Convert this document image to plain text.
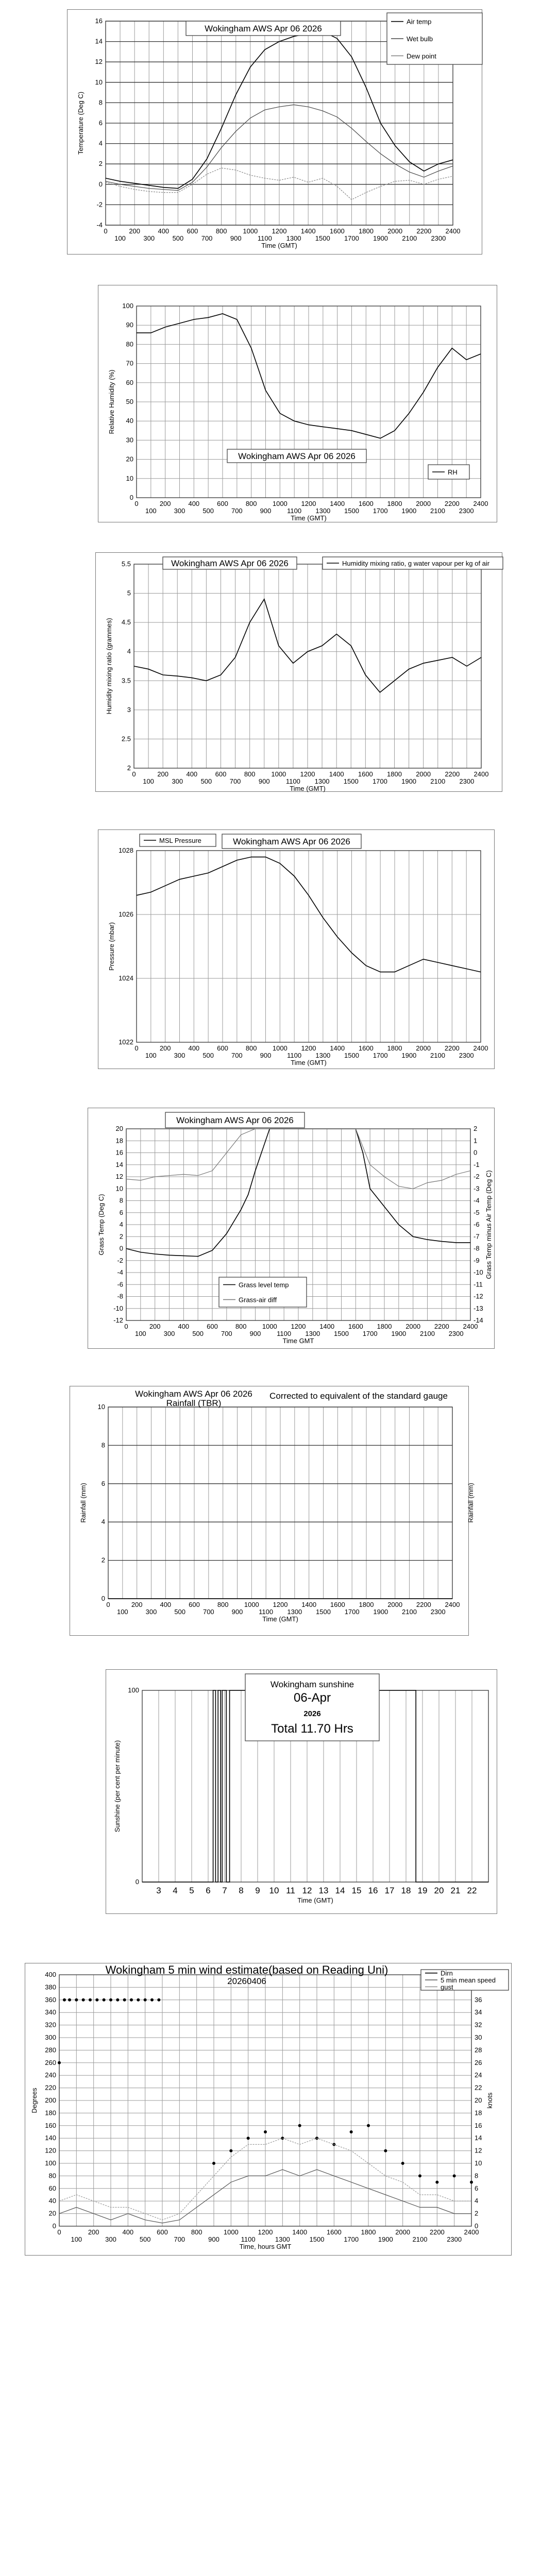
-4
-2
0
2
4
6
8
10
12
14
16
0	200	400	600	800 1000 1200 1400 1600 1800 2000 2200 2400
100	300	500	700	900 1100 1300 1500 1700 1900 2100 2300
Time (GMT)
Temperature (Deg C)
Wokingham AWS Apr 06 2026
Air temp
Wet bulb
Dew point
0
10
20
30
40
50
60
70
80
90
100
0	200	400	600	800 1000 1200 1400 1600 1800 2000 2200 2400
100	300	500	700	900 1100 1300 1500 1700 1900 2100 2300
Time (GMT)
Relative Humidity (%)
Wokingham AWS Apr 06 2026
RH
2
2.5
3
3.5
4
4.5
5
5.5
0	200	400	600	800 1000 1200 1400 1600 1800 2000 2200 2400
100	300	500	700	900 1100 1300 1500 1700 1900 2100 2300
Time (GMT)
Humidity mixing ratio (grammes)
Wokingham AWS Apr 06 2026	Humidity mixing ratio, g water vapour per kg of air
1022
1024
1026
1028
0	200	400	600	800 1000 1200 1400 1600 1800 2000 2200 2400
100	300	500	700	900 1100 1300 1500 1700 1900 2100 2300
Time (GMT)
Pressure (mbar)
Wokingham AWS Apr 06 2026
MSL Pressure
-12
-10
-8
-6
-4
-2
0
2
4
6
8
10
12
14
16
18
20
-14
-13
-12
-11
-10
-9
-8
-7
-6
-5
-4
-3
-2
-1
0
1
2
0	200	400	600	800 1000 1200 1400 1600 1800 2000 2200 2400
100	300	500	700	900 1100 1300 1500 1700 1900 2100 2300
Time GMT
Grass Temp (Deg C)	Grass Temp minus Air Temp (Deg C)
Wokingham AWS Apr 06 2026
Grass level temp
Grass-air diff
0
2
4
6
8
10
0	200	400	600	800 1000 1200 1400 1600 1800 2000 2200 2400
100	300	500	700	900 1100 1300 1500 1700 1900 2100 2300
Time (GMT)
Rainfall (mm)	Rainfall (mm)
Wokingham AWS Apr 06 2026
Rainfall (TBR)
Corrected to equivalent of the standard gauge
0
100
3 4 5 6 7 8 9 10 11 12 13 14 15 16 17 18 19 20 21 22
Time (GMT)
Sunshine (per cent per minute)
Wokingham sunshine
06-Apr
2026
Total 11.70 Hrs
0
20
40
60
80
100
120
140
160
180
200
220
240
260
280
300
320
340
360
380
400
0
2
4
6
8
10
12
14
16
18
20
22
24
26
28
30
32
34
36
0	200	400	600	800	1000	1200	1400	1600	1800	2000	2200	2400
100	300	500	700	900	1100	1300	1500	1700	1900	2100	2300
Time, hours GMT
Degrees	knots
Dirn
5 min mean speed
gust
Wokingham 5 min wind estimate(based on Reading Uni)
20260406
